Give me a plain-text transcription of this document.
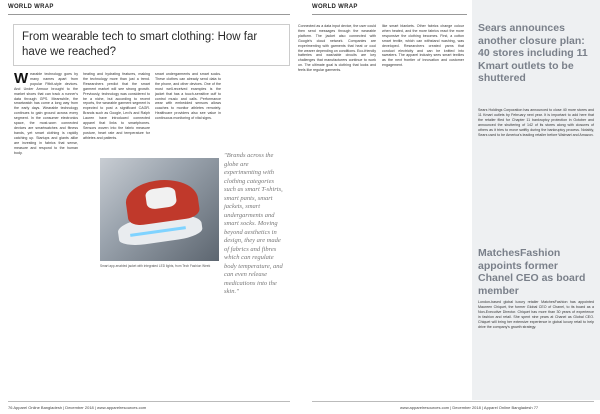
WORLD WRAP	WORLD WRAP
From wearable tech to smart clothing: How far have we reached?
W earable technology goes by many names apart from popular Fitbit-style devices. And Under Armour brought to the market shoes that can track a runner's data through GPS. Meanwhile, the smartwatch has come a long way from the early days. Wearable technology continues to gain ground across every segment. In the consumer electronics space, the most-worn connected devices are smartwatches and fitness bands, yet smart clothing is rapidly catching up. Startups and giants alike are investing in fabrics that sense, measure and respond to the human body.
heating and hydrating features, making the technology more than just a trend. Researchers predict that the smart garment market will see strong growth. Previously, technology was considered to be a niche, but according to recent reports, the wearable garment segment is expected to post a significant CAGR. Brands such as Google, Levi's and Ralph Lauren have introduced connected apparel that links to smartphones. Sensors woven into the fabric measure posture, heart rate and temperature for athletes and patients.
smart undergarments and smart socks. These clothes can already send data to the phone, and other devices. One of the most well-received examples is the jacket that has a touch-sensitive cuff to control music and calls. Performance wear with embedded sensors allows coaches to monitor athletes remotely. Healthcare providers also see value in continuous monitoring of vital signs.
Smart app-enabled jacket with integrated LED lights, from Tech Fashion Week
"Brands across the globe are experimenting with clothing categories such as smart T-shirts, smart pants, smart jackets, smart undergarments and smart socks. Moving beyond aesthetics in design, they are made of fabrics and fibres which can regulate body temperature, and can even release medications into the skin."
Connected as a data input device, the user could then send messages through the wearable platform. The jacket also connected with Google's cloud network. Companies are experimenting with garments that heat or cool the wearer depending on conditions. Eco-friendly batteries and washable circuits are key challenges that manufacturers continue to work on. The ultimate goal is clothing that looks and feels like regular garments.
like smart blankets. Other fabrics change colour when heated, and the more fabrics react the more responsive the clothing becomes. First, a cotton smart textile, which can withstand washing, was developed. Researchers created yarns that conduct electricity and can be knitted into sweaters. The apparel industry sees smart textiles as the next frontier of innovation and customer engagement.
Sears announces another closure plan: 40 stores including 11 Kmart outlets to be shuttered
Sears Holdings Corporation has announced to close 40 more stores and 11 Kmart outlets by February next year. It is important to add here that the retailer filed for Chapter 11 bankruptcy protection in October and announced the shuttering of 142 of its stores along with closures of others as it tries to move swiftly during the bankruptcy process. Notably, Sears used to be America's leading retailer before Walmart and Amazon.
MatchesFashion appoints former Chanel CEO as board member
London-based global luxury retailer MatchesFashion has appointed Maureen Chiquet, the former Global CEO of Chanel, to its board as a Non-Executive Director. Chiquet has more than 30 years of experience in fashion and retail. She spent nine years at Chanel as Global CEO. Chiquet will bring her extensive experience in global luxury retail to help drive the company's growth strategy.
76 Apparel Online Bangladesh | December 2018 | www.apparelresources.com	www.apparelresources.com | December 2018 | Apparel Online Bangladesh 77
